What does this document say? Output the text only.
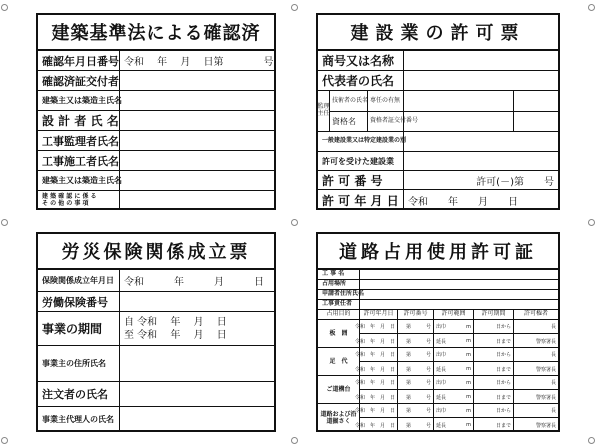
建築基準法による確認済
確認年月日番号 令和　 年　 月　 日第　　　　号
確認済証交付者
建築主又は築造主氏名
設 計 者 氏 名
工事監理者氏名
工事施工者氏名
建築主又は築造主氏名
建 築 確 認 に 係 る
そ の 他 の 事 項
建設業の許可票
商号又は名称
代表者の氏名
監理
主任
技術者の氏名 専任の有無
資格名	資格者証交付番号
一般建設業又は特定建設業の別
許可を受けた建設業
許 可 番 号	許可(－)第　　号
許 可 年 月 日 令和　　年　　月　　日
労災保険関係成立票
保険関係成立年月日	令和　　　年　　　月　　　日
労働保険番号
事業の期間	自 令和　 年　 月　 日
至 令和　 年　 月　 日
事業主の住所氏名
注文者の氏名
事業主代理人の氏名
道路占用使用許可証
工 事 名
占用場所
申請者住所氏名
工事責任者
占用目的	許可年月日	許可番号	許可範囲	許可期間	許可権者
板　囲
令和　年　月　日 第　　　号 出巾	m	日から	長
令和　年　月　日 第　　　号 延長	m	日まで	警察署長
足　代
令和　年　月　日 第　　　号 出巾	m	日から	長
令和　年　月　日 第　　　号 延長	m	日まで	警察署長
ご道構台
令和　年　月　日 第　　　号 出巾	m	日から	長
令和　年　月　日 第　　　号 延長	m	日まで	警察署長
道路および沿道掘さく
令和　年　月　日 第　　　号 出巾	m	日から	長
令和　年　月　日 第　　　号 延長	m	日まで	警察署長
